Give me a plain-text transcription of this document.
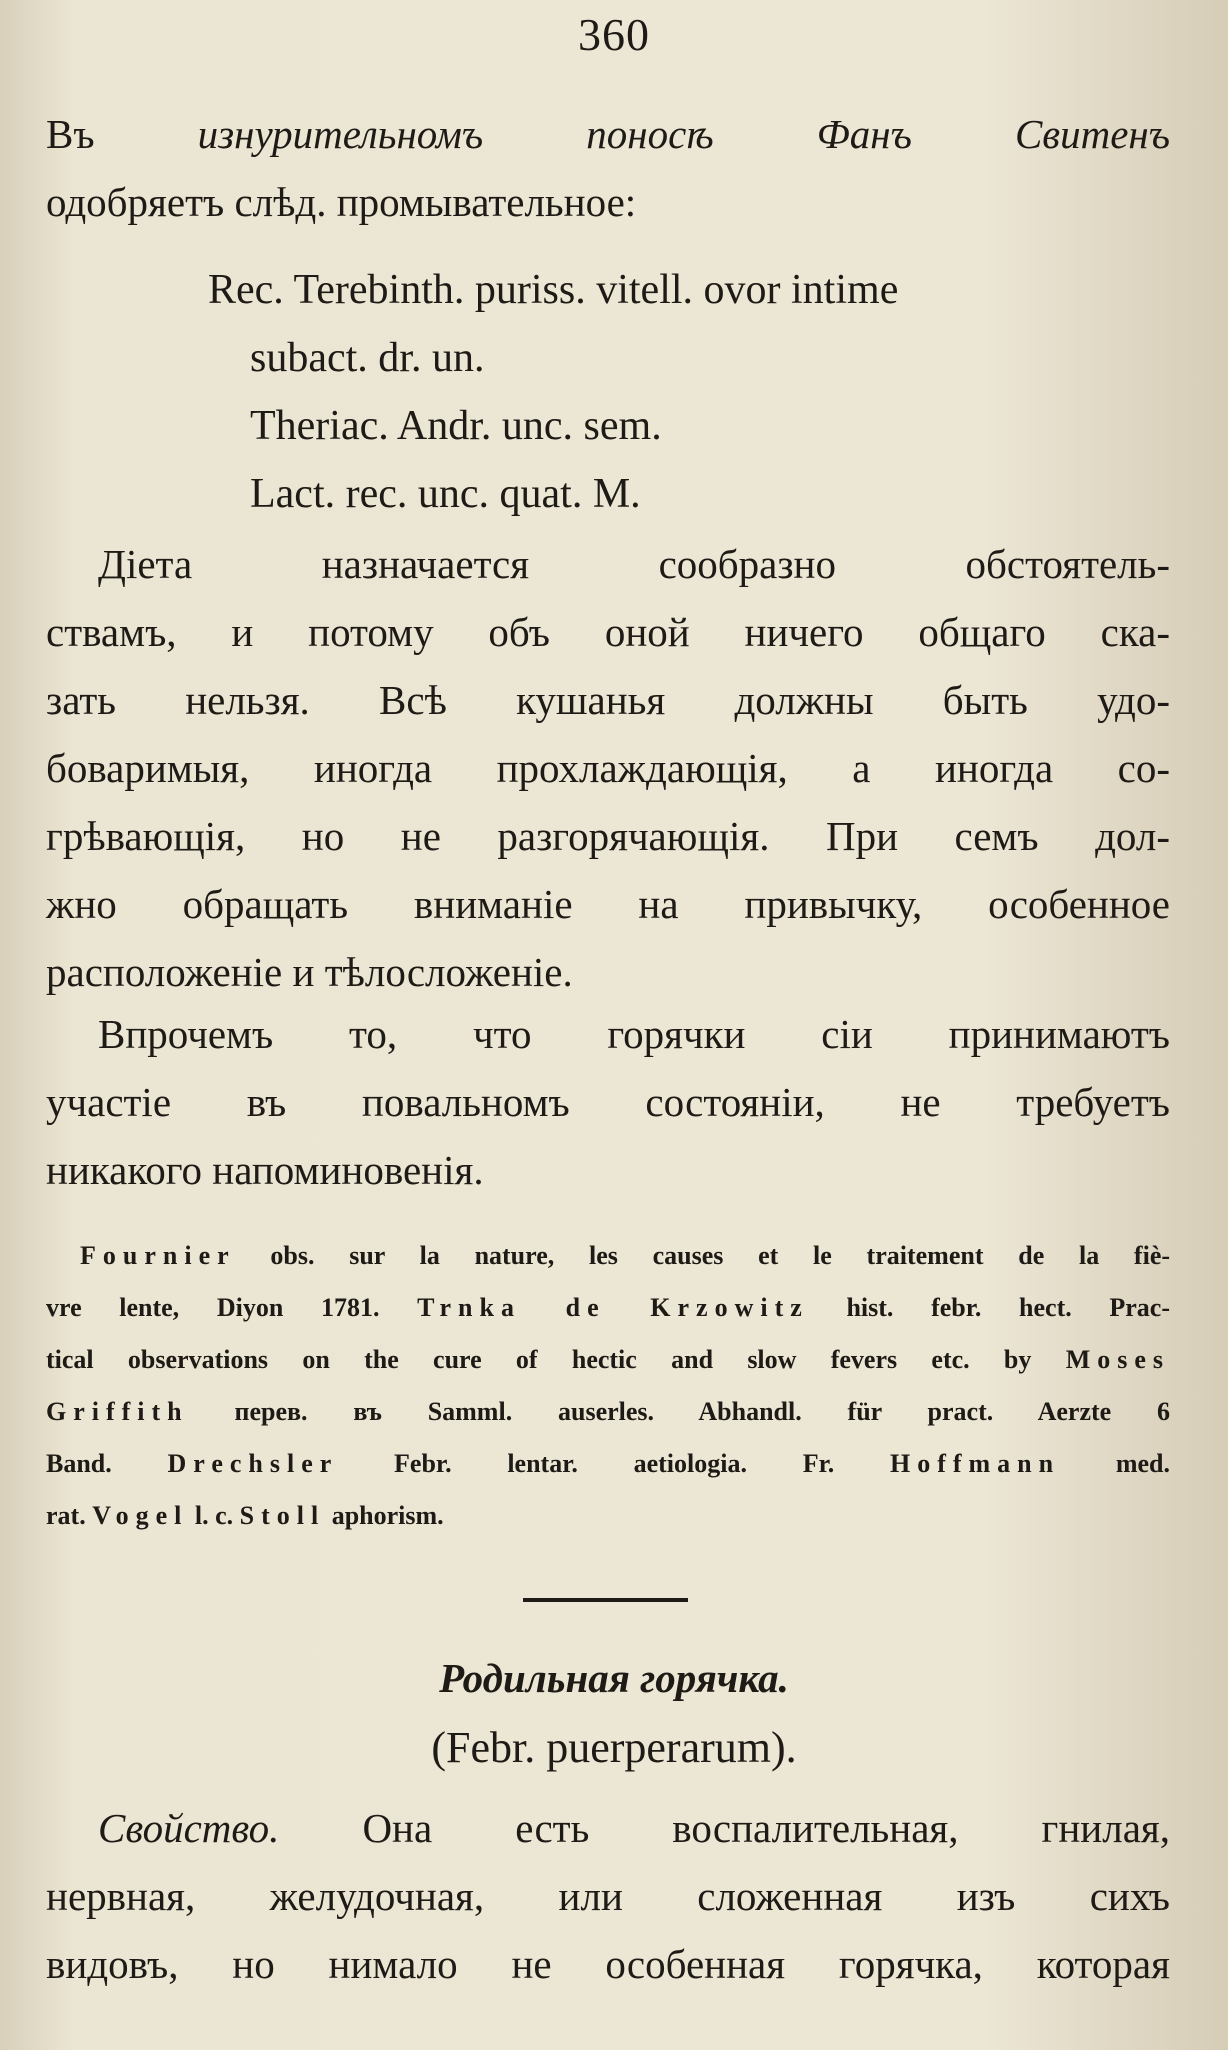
360
Въ	изнурительномъ поносѣ	Фанъ Свитенъ
одобряетъ слѣд. промывательное:
Rec. Terebinth. puriss. vitell. ovor intime
subact. dr. un.
Theriac. Andr. unc. sem.
Lact. rec. unc. quat. M.
Діета назначается сообразно обстоятель-
ствамъ, и потому объ оной ничего общаго ска-
зать нельзя. Всѣ кушанья должны быть удо-
боваримыя, иногда прохлаждающія, а иногда со-
грѣвающія, но не разгорячающія. При семъ дол-
жно обращать вниманіе на привычку, особенное
расположеніе и тѣлосложеніе.
Впрочемъ то, что горячки сіи принимаютъ
участіе въ повальномъ состояніи, не требуетъ
никакого напоминовенія.
Fournier obs. sur la nature, les causes et le traitement de la fiè-
vre lente, Diyon 1781. Trnka de Krzowitz hist. febr. hect. Prac-
tical observations on the cure of hectic and slow fevers etc. by Moses
Griffith перев. въ Samml. auserles. Abhandl. für pract. Aerzte 6
Band. Drechsler Febr. lentar. aetiologia. Fr. Hoffmann med.
rat. Vogel l. c. Stoll aphorism.
Родильная горячка.
(Febr. puerperarum).
Свойство. Она есть воспалительная, гнилая,
нервная, желудочная, или сложенная изъ сихъ
видовъ, но нимало не особенная горячка, которая
